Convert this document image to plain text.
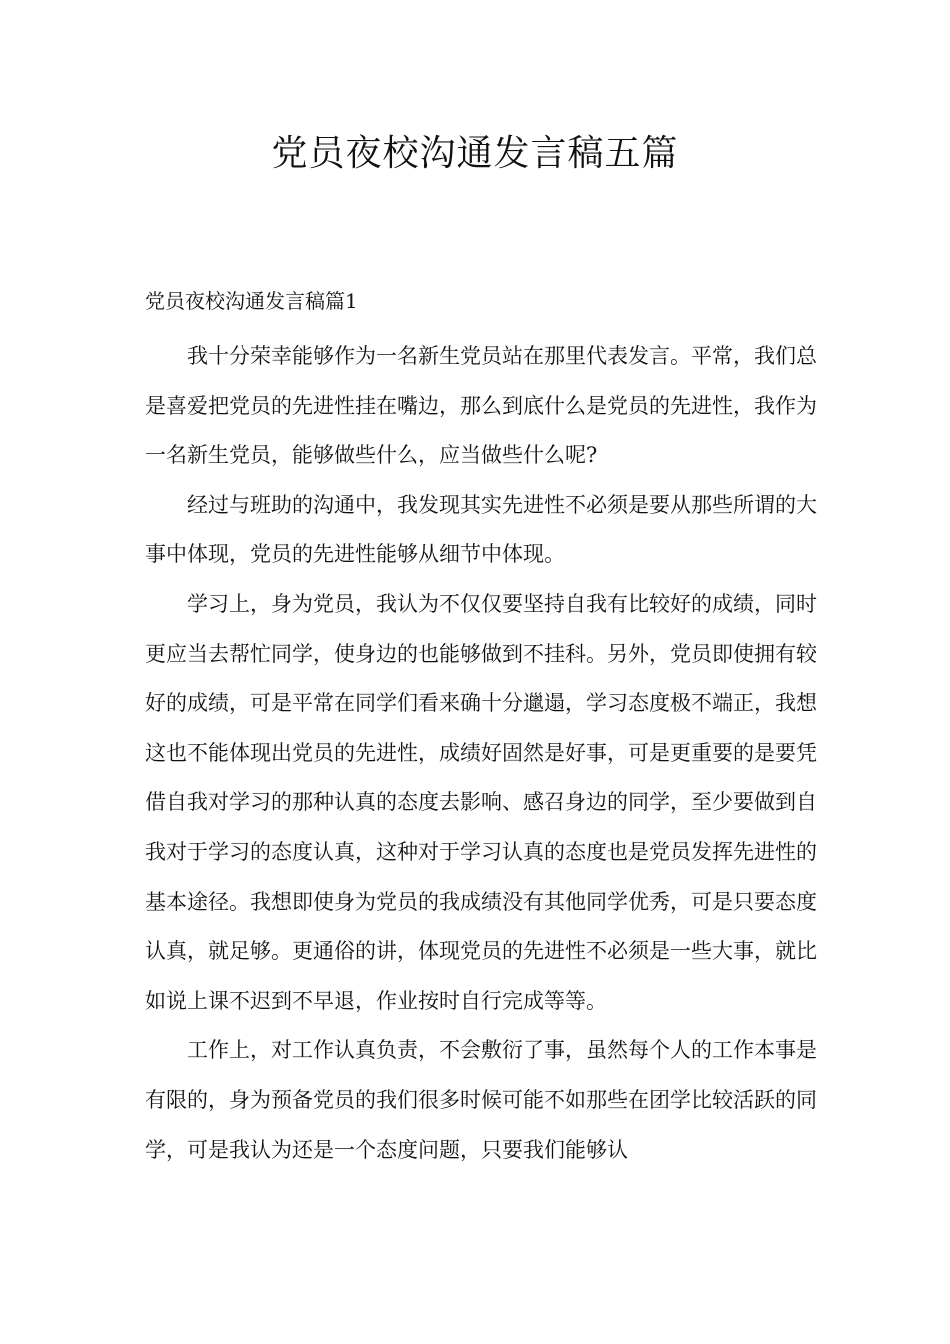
党员夜校沟通发言稿五篇
党员夜校沟通发言稿篇1

我十分荣幸能够作为一名新生党员站在那里代表发言。平常，我们总是喜爱把党员的先进性挂在嘴边，那么到底什么是党员的先进性，我作为一名新生党员，能够做些什么，应当做些什么呢?

经过与班助的沟通中，我发现其实先进性不必须是要从那些所谓的大事中体现，党员的先进性能够从细节中体现。

学习上，身为党员，我认为不仅仅要坚持自我有比较好的成绩，同时更应当去帮忙同学，使身边的也能够做到不挂科。另外，党员即使拥有较好的成绩，可是平常在同学们看来确十分邋遢，学习态度极不端正，我想这也不能体现出党员的先进性，成绩好固然是好事，可是更重要的是要凭借自我对学习的那种认真的态度去影响、感召身边的同学，至少要做到自我对于学习的态度认真，这种对于学习认真的态度也是党员发挥先进性的基本途径。我想即使身为党员的我成绩没有其他同学优秀，可是只要态度认真，就足够。更通俗的讲，体现党员的先进性不必须是一些大事，就比如说上课不迟到不早退，作业按时自行完成等等。

工作上，对工作认真负责，不会敷衍了事，虽然每个人的工作本事是有限的，身为预备党员的我们很多时候可能不如那些在团学比较活跃的同学，可是我认为还是一个态度问题，只要我们能够认
